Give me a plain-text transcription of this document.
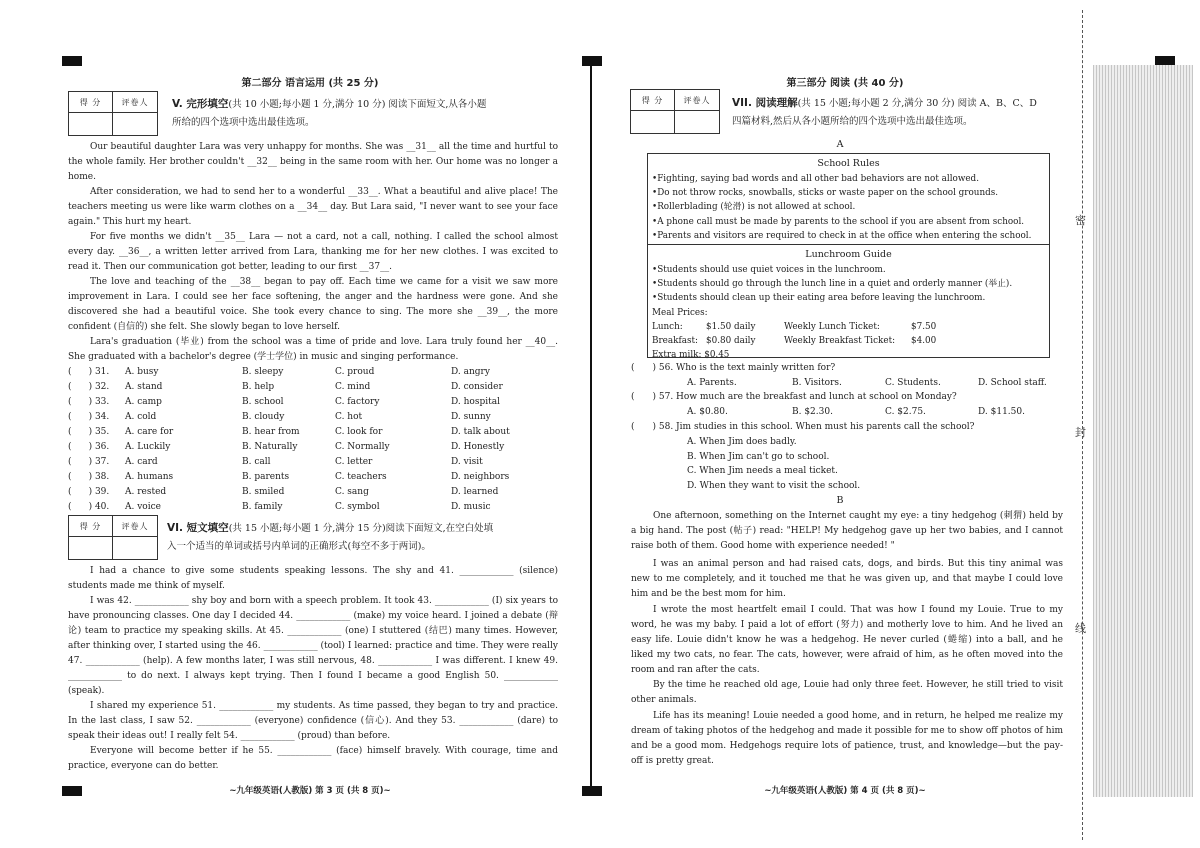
第二部分 语言运用 (共 25 分)
得 分	评卷人	V. 完形填空(共 10 小题;每小题 1 分,满分 10 分) 阅读下面短文,从各小题
所给的四个选项中选出最佳选项。

Our beautiful daughter Lara was very unhappy for months. She was __31__ all the time and hurtful to the whole family. Her brother couldn't __32__ being in the same room with her. Our home was no longer a home.

After consideration, we had to send her to a wonderful __33__. What a beautiful and alive place! The teachers meeting us were like warm clothes on a __34__ day. But Lara said, "I never want to see your face again." This hurt my heart.

For five months we didn't __35__ Lara — not a card, not a call, nothing. I called the school almost every day. __36__, a written letter arrived from Lara, thanking me for her new clothes. I was excited to read it. Then our communication got better, leading to our first __37__.

The love and teaching of the __38__ began to pay off. Each time we came for a visit we saw more improvement in Lara. I could see her face softening, the anger and the hardness were gone. And she discovered she had a beautiful voice. She took every chance to sing. The more she __39__, the more confident (自信的) she felt. She slowly began to love herself.

Lara's graduation (毕业) from the school was a time of pride and love. Lara truly found her __40__. She graduated with a bachelor's degree (学士学位) in music and singing performance.

( ) 31.	A. busy	B. sleepy	C. proud	D. angry
( ) 32.	A. stand	B. help	C. mind	D. consider
( ) 33.	A. camp	B. school	C. factory	D. hospital
( ) 34.	A. cold	B. cloudy	C. hot	D. sunny
( ) 35.	A. care for	B. hear from	C. look for	D. talk about
( ) 36.	A. Luckily	B. Naturally	C. Normally	D. Honestly
( ) 37.	A. card	B. call	C. letter	D. visit
( ) 38.	A. humans	B. parents	C. teachers	D. neighbors
( ) 39.	A. rested	B. smiled	C. sang	D. learned
( ) 40.	A. voice	B. family	C. symbol	D. music
得 分	评卷人	VI. 短文填空(共 15 小题;每小题 1 分,满分 15 分)阅读下面短文,在空白处填
入一个适当的单词或括号内单词的正确形式(每空不多于两词)。

I had a chance to give some students speaking lessons. The shy and 41. ____________ (silence) students made me think of myself.

I was 42. ____________ shy boy and born with a speech problem. It took 43. ____________ (I) six years to have pronouncing classes. One day I decided 44. ____________ (make) my voice heard. I joined a debate (辩论) team to practice my speaking skills. At 45. ____________ (one) I stuttered (结巴) many times. However, after thinking over, I started using the 46. ____________ (tool) I learned: practice and time. They were really 47. ____________ (help). A few months later, I was still nervous, 48. ____________ I was different. I knew 49. ____________ to do next. I always kept trying. Then I found I became a good English 50. ____________ (speak).

I shared my experience 51. ____________ my students. As time passed, they began to try and practice. In the last class, I saw 52. ____________ (everyone) confidence (信心). And they 53. ____________ (dare) to speak their ideas out! I really felt 54. ____________ (proud) than before.

Everyone will become better if he 55. ____________ (face) himself bravely. With courage, time and practice, everyone can do better.

~九年级英语(人教版) 第 3 页 (共 8 页)~
第三部分 阅读 (共 40 分)
得 分	评卷人	VII. 阅读理解(共 15 小题;每小题 2 分,满分 30 分) 阅读 A、B、C、D
四篇材料,然后从各小题所给的四个选项中选出最佳选项。
A
School Rules
•Fighting, saying bad words and all other bad behaviors are not allowed.
•Do not throw rocks, snowballs, sticks or waste paper on the school grounds.
•Rollerblading (轮滑) is not allowed at school.
•A phone call must be made by parents to the school if you are absent from school.
•Parents and visitors are required to check in at the office when entering the school.
Lunchroom Guide
•Students should use quiet voices in the lunchroom.
•Students should go through the lunch line in a quiet and orderly manner (举止).
•Students should clean up their eating area before leaving the lunchroom.
Meal Prices:
Lunch:	$1.50 daily	Weekly Lunch Ticket:	$7.50
Breakfast: $0.80 daily	Weekly Breakfast Ticket:	$4.00
Extra milk: $0.45
(　　) 56. Who is the text mainly written for?
A. Parents.	B. Visitors.	C. Students.	D. School staff.
(　　) 57. How much are the breakfast and lunch at school on Monday?
A. $0.80.	B. $2.30.	C. $2.75.	D. $11.50.
(　　) 58. Jim studies in this school. When must his parents call the school?
A. When Jim does badly.
B. When Jim can't go to school.
C. When Jim needs a meal ticket.
D. When they want to visit the school.
B

One afternoon, something on the Internet caught my eye: a tiny hedgehog (刺猬) held by a big hand. The post (帖子) read: "HELP! My hedgehog gave up her two babies, and I cannot raise both of them. Good home with experience needed! "

I was an animal person and had raised cats, dogs, and birds. But this tiny animal was new to me completely, and it touched me that he was given up, and that maybe I could love him and be the best mom for him.

I wrote the most heartfelt email I could. That was how I found my Louie. True to my word, he was my baby. I paid a lot of effort (努力) and motherly love to him. And he lived an easy life. Louie didn't know he was a hedgehog. He never curled (蜷缩) into a ball, and he liked my two cats, no fear. The cats, however, were afraid of him, as he often moved into the room and ran after the cats.

By the time he reached old age, Louie had only three feet. However, he still tried to visit other animals.

Life has its meaning! Louie needed a good home, and in return, he helped me realize my dream of taking photos of the hedgehog and made it possible for me to show off photos of him and be a good mom. Hedgehogs require lots of patience, trust, and knowledge—but the pay-off is pretty great.

~九年级英语(人教版) 第 4 页 (共 8 页)~
密
封
线
